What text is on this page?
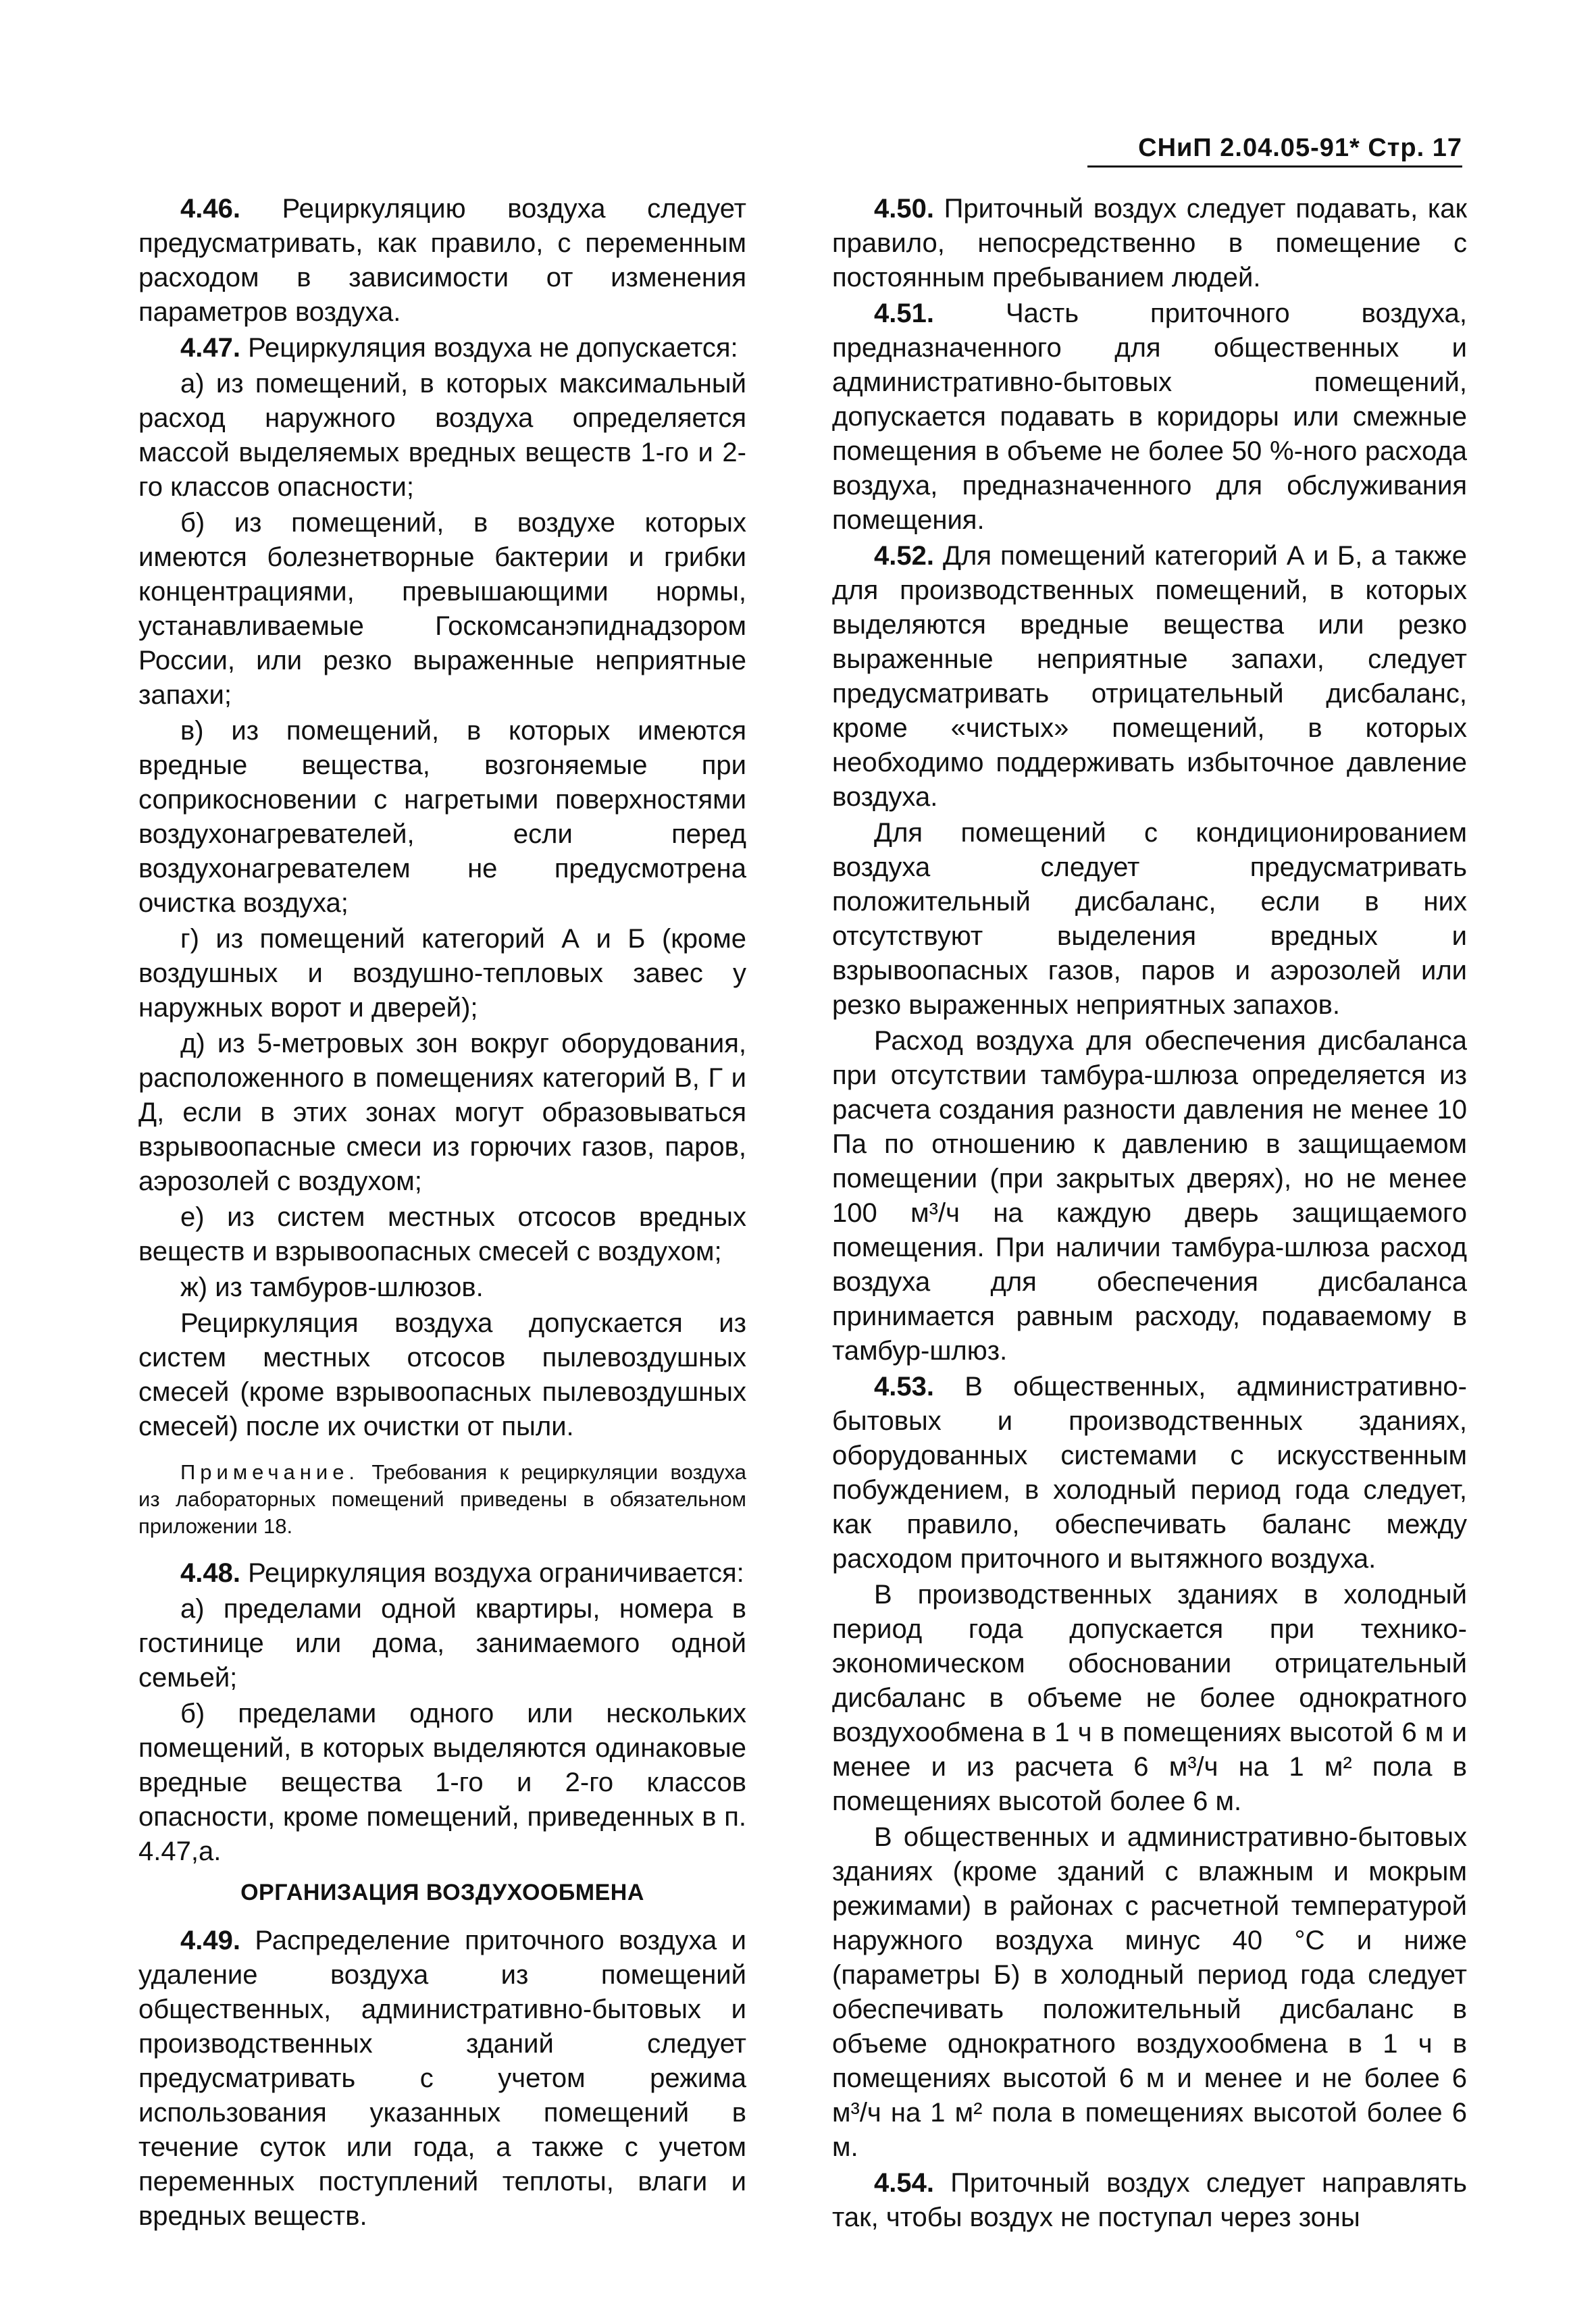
СНиП 2.04.05-91* Стр. 17

4.46. Рециркуляцию воздуха следует предусматривать, как правило, с переменным расходом в зависимости от изменения параметров воздуха.

4.47. Рециркуляция воздуха не допускается:

а) из помещений, в которых максимальный расход наружного воздуха определяется массой выделяемых вредных веществ 1-го и 2-го классов опасности;

б) из помещений, в воздухе которых имеются болезнетворные бактерии и грибки концентрациями, превышающими нормы, устанавливаемые Госкомсанэпиднадзором России, или резко выраженные неприятные запахи;

в) из помещений, в которых имеются вредные вещества, возгоняемые при соприкосновении с нагретыми поверхностями воздухонагревателей, если перед воздухонагревателем не предусмотрена очистка воздуха;

г) из помещений категорий А и Б (кроме воздушных и воздушно-тепловых завес у наружных ворот и дверей);

д) из 5-метровых зон вокруг оборудования, расположенного в помещениях категорий В, Г и Д, если в этих зонах могут образовываться взрывоопасные смеси из горючих газов, паров, аэрозолей с воздухом;

е) из систем местных отсосов вредных веществ и взрывоопасных смесей с воздухом;

ж) из тамбуров-шлюзов.

Рециркуляция воздуха допускается из систем местных отсосов пылевоздушных смесей (кроме взрывоопасных пылевоздушных смесей) после их очистки от пыли.

Примечание. Требования к рециркуляции воздуха из лабораторных помещений приведены в обязательном приложении 18.

4.48. Рециркуляция воздуха ограничивается:

а) пределами одной квартиры, номера в гостинице или дома, занимаемого одной семьей;

б) пределами одного или нескольких помещений, в которых выделяются одинаковые вредные вещества 1-го и 2-го классов опасности, кроме помещений, приведенных в п. 4.47,а.

ОРГАНИЗАЦИЯ ВОЗДУХООБМЕНА

4.49. Распределение приточного воздуха и удаление воздуха из помещений общественных, административно-бытовых и производственных зданий следует предусматривать с учетом режима использования указанных помещений в течение суток или года, а также с учетом переменных поступлений теплоты, влаги и вредных веществ.

4.50. Приточный воздух следует подавать, как правило, непосредственно в помещение с постоянным пребыванием людей.

4.51.	Часть приточного воздуха, предназначенного для общественных и административно-бытовых помещений, допускается подавать в коридоры или смежные помещения в объеме не более 50 %-ного расхода воздуха, предназначенного для обслуживания помещения.

4.52. Для помещений категорий А и Б, а также для производственных помещений, в которых выделяются вредные вещества или резко выраженные неприятные запахи, следует предусматривать отрицательный дисбаланс, кроме «чистых» помещений, в которых необходимо поддерживать избыточное давление воздуха.

Для помещений с кондиционированием воздуха следует предусматривать положительный дисбаланс, если в них отсутствуют выделения вредных и взрывоопасных газов, паров и аэрозолей или резко выраженных неприятных запахов.

Расход воздуха для обеспечения дисбаланса при отсутствии тамбура-шлюза определяется из расчета создания разности давления не менее 10 Па по отношению к давлению в защищаемом помещении (при закрытых дверях), но не менее 100 м³/ч на каждую дверь защищаемого помещения. При наличии тамбура-шлюза расход воздуха для обеспечения дисбаланса принимается равным расходу, подаваемому в тамбур-шлюз.

4.53. В общественных, административно-бытовых и производственных зданиях, оборудованных системами с искусственным побуждением, в холодный период года следует, как правило, обеспечивать баланс между расходом приточного и вытяжного воздуха.

В производственных зданиях в холодный период года допускается при технико-экономическом обосновании отрицательный дисбаланс в объеме не более однократного воздухообмена в 1 ч в помещениях высотой 6 м и менее и из расчета 6 м³/ч на 1 м² пола в помещениях высотой более 6 м.

В общественных и административно-бытовых зданиях (кроме зданий с влажным и мокрым режимами) в районах с расчетной температурой наружного воздуха минус 40 °С и ниже (параметры Б) в холодный период года следует обеспечивать положительный дисбаланс в объеме однократного воздухообмена в 1 ч в помещениях высотой 6 м и менее и не более 6 м³/ч на 1 м² пола в помещениях высотой более 6 м.

4.54. Приточный воздух следует направлять так, чтобы воздух не поступал через зоны
